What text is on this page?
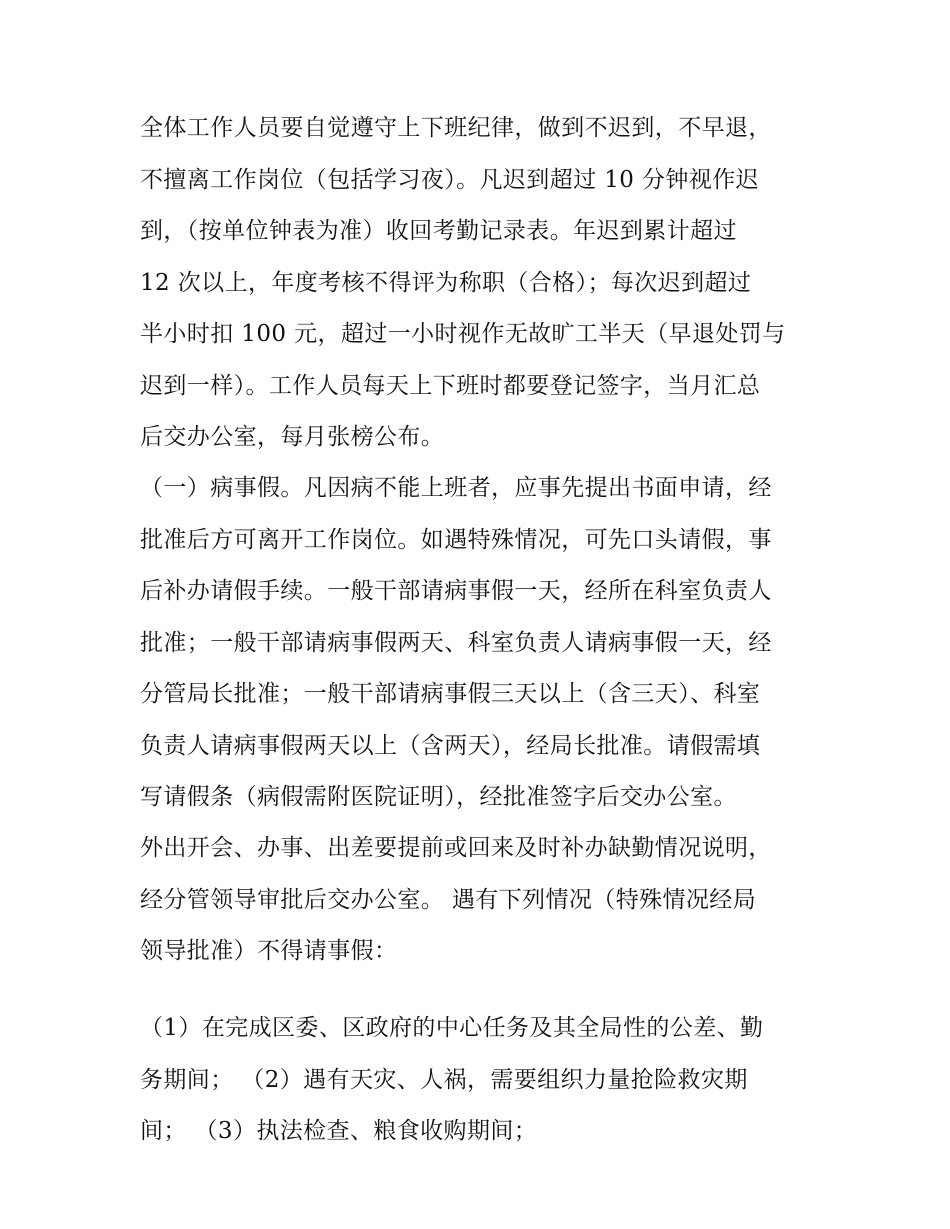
全体工作人员要自觉遵守上下班纪律，做到不迟到，不早退，
不擅离工作岗位（包括学习夜）。凡迟到超过 10 分钟视作迟
到，（按单位钟表为准）收回考勤记录表。年迟到累计超过
12 次以上，年度考核不得评为称职（合格）；每次迟到超过
半小时扣 100 元，超过一小时视作无故旷工半天（早退处罚与
迟到一样）。工作人员每天上下班时都要登记签字，当月汇总
后交办公室，每月张榜公布。
（一）病事假。凡因病不能上班者，应事先提出书面申请，经
批准后方可离开工作岗位。如遇特殊情况，可先口头请假，事
后补办请假手续。一般干部请病事假一天，经所在科室负责人
批准；一般干部请病事假两天、科室负责人请病事假一天，经
分管局长批准；一般干部请病事假三天以上（含三天）、科室
负责人请病事假两天以上（含两天），经局长批准。请假需填
写请假条（病假需附医院证明），经批准签字后交办公室。
外出开会、办事、出差要提前或回来及时补办缺勤情况说明，
经分管领导审批后交办公室。 遇有下列情况（特殊情况经局
领导批准）不得请事假：
（1）在完成区委、区政府的中心任务及其全局性的公差、勤
务期间； （2）遇有天灾、人祸，需要组织力量抢险救灾期
间； （3）执法检查、粮食收购期间；
